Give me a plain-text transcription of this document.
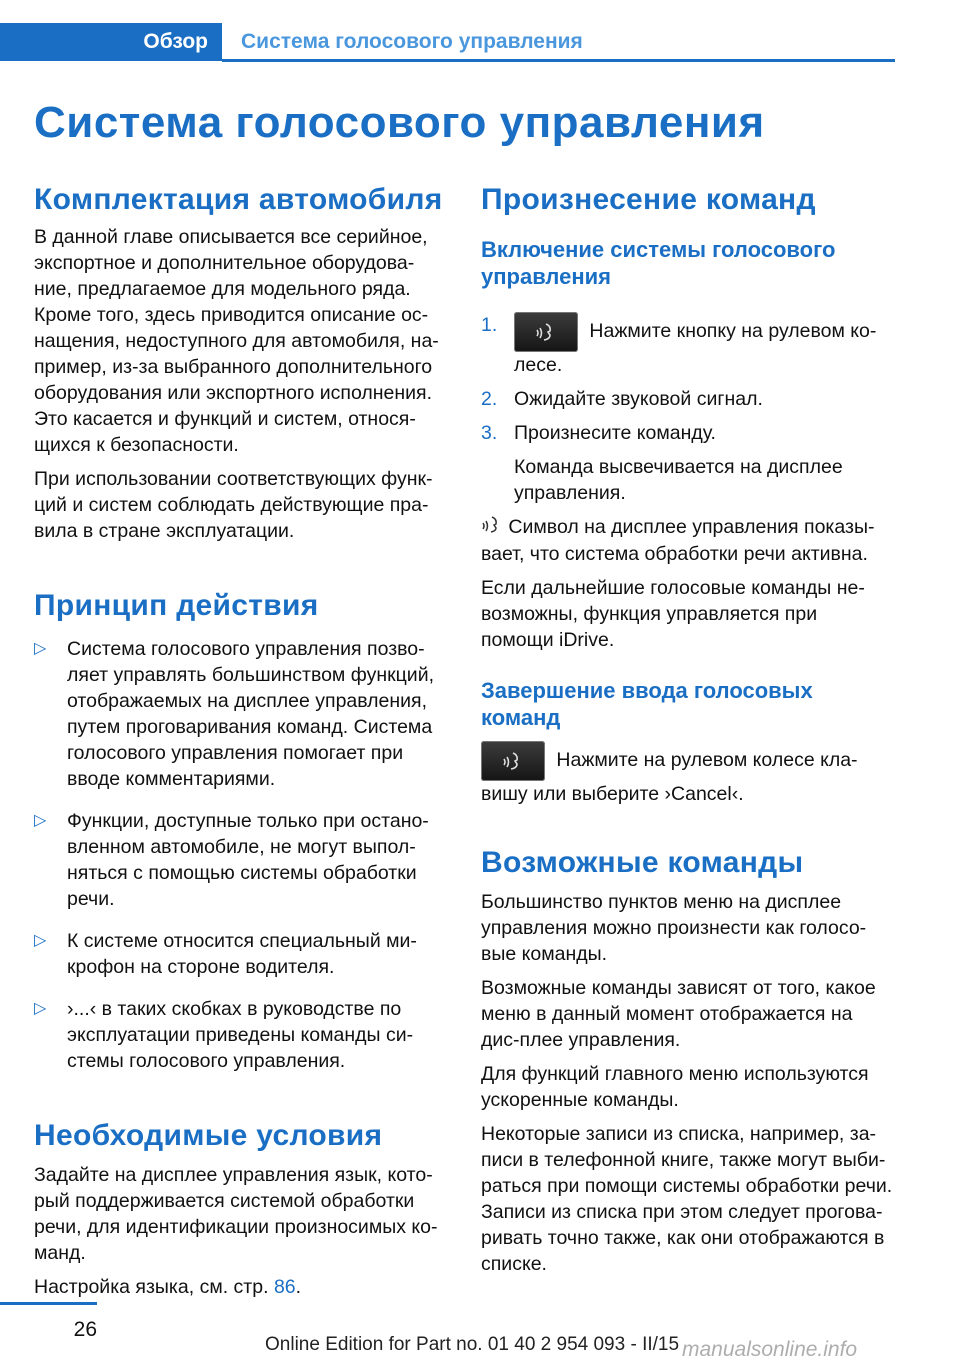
Обзор	Система голосового управления
Система голосового управления
Комплектация автомобиля

В данной главе описывается все серийное, экспортное и дополнительное оборудова-ние, предлагаемое для модельного ряда. Кроме того, здесь приводится описание ос-нащения, недоступного для автомобиля, на-пример, из-за выбранного дополнительного оборудования или экспортного исполнения. Это касается и функций и систем, относя-щихся к безопасности.

При использовании соответствующих функ-ций и систем соблюдать действующие пра-вила в стране эксплуатации.

Принцип действия
▷ Система голосового управления позво-ляет управлять большинством функций, отображаемых на дисплее управления, путем проговаривания команд. Система голосового управления помогает при вводе комментариями.
▷ Функции, доступные только при остано-вленном автомобиле, не могут выпол-няться с помощью системы обработки речи.
▷ К системе относится специальный ми-крофон на стороне водителя.
▷ ›...‹ в таких скобках в руководстве по эксплуатации приведены команды си-стемы голосового управления.
Необходимые условия

Задайте на дисплее управления язык, кото-рый поддерживается системой обработки речи, для идентификации произносимых ко-манд.

Настройка языка, см. стр. 86.

Произнесение команд
Включение системы голосового управления
1.	Нажмите кнопку на рулевом ко-лесе.
2. Ожидайте звуковой сигнал.
3. Произнесите команду.
Команда высвечивается на дисплее управления.

Символ на дисплее управления показы-вает, что система обработки речи активна.

Если дальнейшие голосовые команды не-возможны, функция управляется при помощи iDrive.

Завершение ввода голосовых команд

Нажмите на рулевом колесе кла-вишу или выберите ›Cancel‹.

Возможные команды

Большинство пунктов меню на дисплее управления можно произнести как голосо-вые команды.

Возможные команды зависят от того, какое меню в данный момент отображается на дис-плее управления.

Для функций главного меню используются ускоренные команды.

Некоторые записи из списка, например, за-писи в телефонной книге, также могут выби-раться при помощи системы обработки речи. Записи из списка при этом следует прогова-ривать точно также, как они отображаются в списке.

26
Online Edition for Part no. 01 40 2 954 093 - II/15 manualsonline.info
